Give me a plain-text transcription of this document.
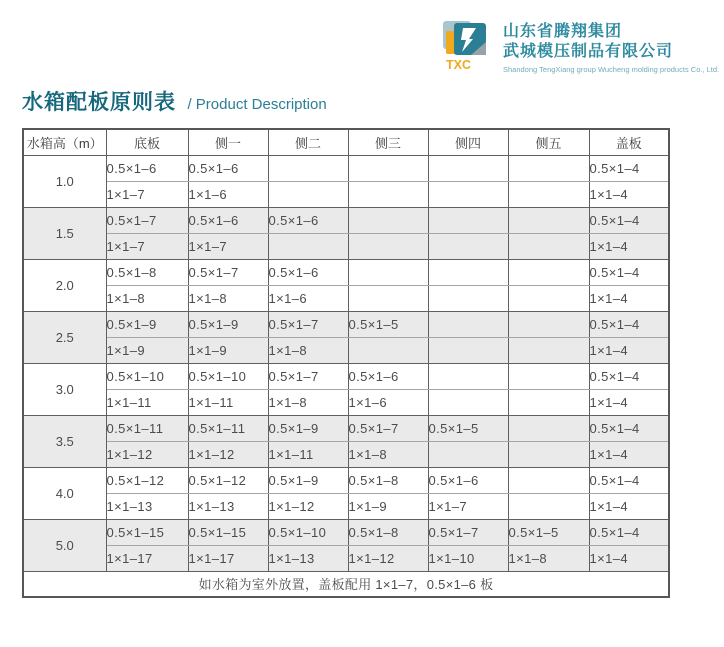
TXC
山东省腾翔集团
武城模压制品有限公司
Shandong TengXiang group Wucheng molding products Co., Ltd.
水箱配板原则表 / Product Description
水箱高（m）	底板	侧一	侧二	侧三	侧四	侧五	盖板
1.0	0.5×1–6	0.5×1–6					0.5×1–4
	1×1–7	1×1–6					1×1–4
1.5	0.5×1–7	0.5×1–6	0.5×1–6				0.5×1–4
	1×1–7	1×1–7					1×1–4
2.0	0.5×1–8	0.5×1–7	0.5×1–6				0.5×1–4
	1×1–8	1×1–8	1×1–6				1×1–4
2.5	0.5×1–9	0.5×1–9	0.5×1–7	0.5×1–5			0.5×1–4
	1×1–9	1×1–9	1×1–8				1×1–4
3.0	0.5×1–10	0.5×1–10	0.5×1–7	0.5×1–6			0.5×1–4
	1×1–11	1×1–11	1×1–8	1×1–6			1×1–4
3.5	0.5×1–11	0.5×1–11	0.5×1–9	0.5×1–7	0.5×1–5		0.5×1–4
	1×1–12	1×1–12	1×1–11	1×1–8			1×1–4
4.0	0.5×1–12	0.5×1–12	0.5×1–9	0.5×1–8	0.5×1–6		0.5×1–4
	1×1–13	1×1–13	1×1–12	1×1–9	1×1–7		1×1–4
5.0	0.5×1–15	0.5×1–15	0.5×1–10	0.5×1–8	0.5×1–7	0.5×1–5	0.5×1–4
	1×1–17	1×1–17	1×1–13	1×1–12	1×1–10	1×1–8	1×1–4
如水箱为室外放置，盖板配用 1×1–7，0.5×1–6 板							
